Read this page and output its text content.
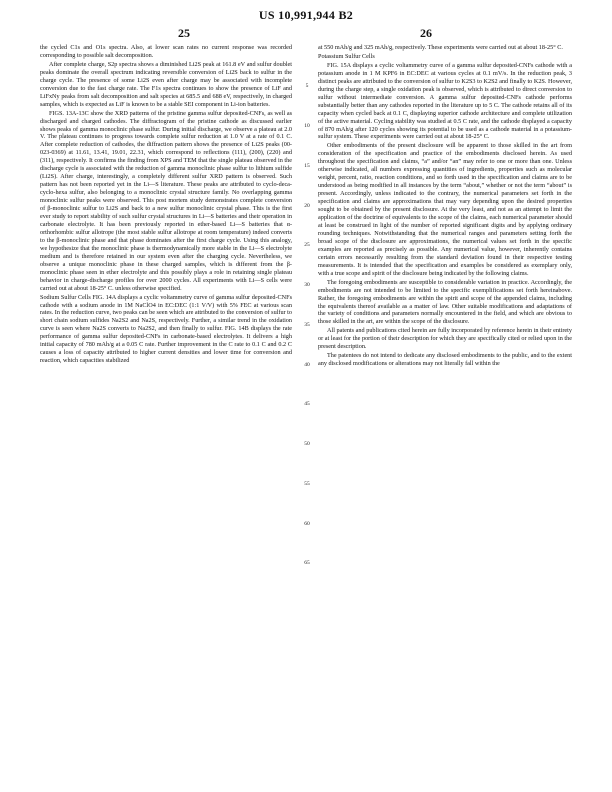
US 10,991,944 B2
25	26

the cycled C1s and O1s spectra. Also, at lower scan rates no current response was recorded corresponding to possible salt decomposition.

After complete charge, S2p spectra shows a diminished Li2S peak at 161.8 eV and sulfur doublet peaks dominate the overall spectrum indicating reversible conversion of Li2S back to sulfur in the charge cycle. The presence of some Li2S even after charge may be associated with incomplete conversion due to the fast charge rate. The F1s spectra continues to show the presence of LiF and LiFxNy peaks from salt decomposition and salt species at 685.5 and 688 eV, respectively, in charged samples, which is expected as LiF is known to be a stable SEI component in Li-ion batteries.

FIGS. 13A-13C show the XRD patterns of the pristine gamma sulfur deposited-CNFs, as well as discharged and charged cathodes. The diffractogram of the pristine cathode as discussed earlier shows peaks of gamma monoclinic phase sulfur. During initial discharge, we observe a plateau at 2.0 V. The plateau continues to progress towards complete sulfur reduction at 1.0 V at a rate of 0.1 C. After complete reduction of cathodes, the diffraction pattern shows the presence of Li2S peaks (00-023-0369) at 11.61, 13.41, 19.01, 22.31, which correspond to reflections (111), (200), (220) and (311), respectively. It confirms the finding from XPS and TEM that the single plateau observed in the discharge cycle is associated with the reduction of gamma monoclinic phase sulfur to lithium sulfide (Li2S). After charge, interestingly, a completely different sulfur XRD pattern is observed. Such pattern has not been reported yet in the Li—S literature. These peaks are attributed to cyclo-deca-cyclo-hexa sulfur, also belonging to a monoclinic crystal structure family. No overlapping gamma monoclinic sulfur peaks were observed. This post mortem study demonstrates complete conversion of β-monoclinic sulfur to Li2S and back to a new sulfur monoclinic crystal phase. This is the first ever study to report stability of such sulfur crystal structures in Li—S batteries and their operation in carbonate electrolyte. It has been previously reported in ether-based Li—S batteries that α-orthorhombic sulfur allotrope (the most stable sulfur allotrope at room temperature) indeed converts to the β-monoclinic phase and that phase dominates after the first charge cycle. Using this analogy, we hypothesize that the monoclinic phase is thermodynamically more stable in the Li—S electrolyte medium and is therefore retained in our system even after the charging cycle. Nevertheless, we observe a unique monoclinic phase in these charged samples, which is different from the β-monoclinic phase seen in ether electrolyte and this possibly plays a role in retaining single plateau behavior in charge-discharge profiles for over 2000 cycles. All experiments with Li—S cells were carried out at about 18-25° C. unless otherwise specified.

Sodium Sulfur Cells FIG. 14A displays a cyclic voltammetry curve of gamma sulfur deposited-CNFs cathode with a sodium anode in 1M NaClO4 in EC:DEC (1:1 V/V) with 5% FEC at various scan rates. In the reduction curve, two peaks can be seen which are attributed to the conversion of sulfur to short chain sodium sulfides Na2S2 and Na2S, respectively. Further, a similar trend in the oxidation curve is seen where Na2S converts to Na2S2, and then finally to sulfur. FIG. 14B displays the rate performance of gamma sulfur deposited-CNFs in carbonate-based electrolytes. It delivers a high initial capacity of 780 mAh/g at a 0.05 C rate. Further improvement in the C rate to 0.1 C and 0.2 C causes a loss of capacity attributed to higher current densities and lower time for conversion and reaction, which capacities stabilized

5
10
15
20
25
30
35
40
45
50
55
60
65

at 550 mAh/g and 325 mAh/g, respectively. These experiments were carried out at about 18-25° C.

Potassium Sulfur Cells

FIG. 15A displays a cyclic voltammetry curve of a gamma sulfur deposited-CNFs cathode with a potassium anode in 1 M KPF6 in EC:DEC at various cycles at 0.1 mV/s. In the reduction peak, 3 distinct peaks are attributed to the conversion of sulfur to K2S3 to K2S2 and finally to K2S. However, during the charge step, a single oxidation peak is observed, which is attributed to direct conversion to sulfur without intermediate conversion. A gamma sulfur deposited-CNFs cathode performs substantially better than any cathodes reported in the literature up to 5 C. The cathode retains all of its capacity when cycled back at 0.1 C, displaying superior cathode architecture and complete utilization of the active material. Cycling stability was studied at 0.5 C rate, and the cathode displayed a capacity of 870 mAh/g after 120 cycles showing its potential to be used as a cathode material in a potassium-sulfur system. These experiments were carried out at about 18-25° C.

Other embodiments of the present disclosure will be apparent to those skilled in the art from consideration of the specification and practice of the embodiments disclosed herein. As used throughout the specification and claims, “a” and/or “an” may refer to one or more than one. Unless otherwise indicated, all numbers expressing quantities of ingredients, properties such as molecular weight, percent, ratio, reaction conditions, and so forth used in the specification and claims are to be understood as being modified in all instances by the term “about,” whether or not the term “about” is present. Accordingly, unless indicated to the contrary, the numerical parameters set forth in the specification and claims are approximations that may vary depending upon the desired properties sought to be obtained by the present disclosure. At the very least, and not as an attempt to limit the application of the doctrine of equivalents to the scope of the claims, each numerical parameter should at least be construed in light of the number of reported significant digits and by applying ordinary rounding techniques. Notwithstanding that the numerical ranges and parameters setting forth the broad scope of the disclosure are approximations, the numerical values set forth in the specific examples are reported as precisely as possible. Any numerical value, however, inherently contains certain errors necessarily resulting from the standard deviation found in their respective testing measurements. It is intended that the specification and examples be considered as exemplary only, with a true scope and spirit of the disclosure being indicated by the following claims.

The foregoing embodiments are susceptible to considerable variation in practice. Accordingly, the embodiments are not intended to be limited to the specific exemplifications set forth hereinabove. Rather, the foregoing embodiments are within the spirit and scope of the appended claims, including the equivalents thereof available as a matter of law. Other suitable modifications and adaptations of the variety of conditions and parameters normally encountered in the field, and which are obvious to those skilled in the art, are within the scope of the disclosure.

All patents and publications cited herein are fully incorporated by reference herein in their entirety or at least for the portion of their description for which they are specifically cited or relied upon in the present description.

The patentees do not intend to dedicate any disclosed embodiments to the public, and to the extent any disclosed modifications or alterations may not literally fall within the
